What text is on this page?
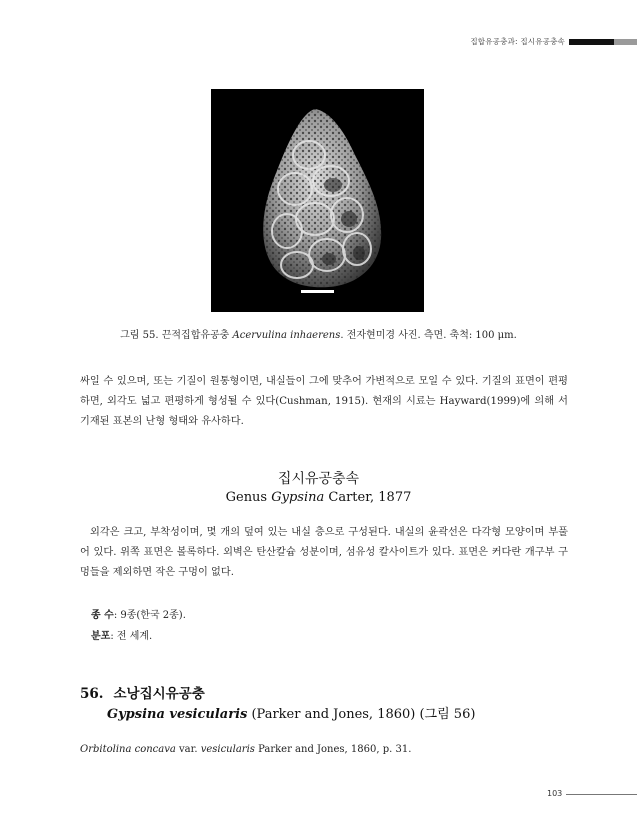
집합유공충과: 집시유공충속
그림 55. 끈적집합유공충 Acervulina inhaerens. 전자현미경 사진. 측면. 축척: 100 μm.

싸일 수 있으며, 또는 기질이 원통형이면, 내실들이 그에 맞추어 가변적으로 모일 수 있다. 기질의 표면이 편평하면, 외각도 넓고 편평하게 형성될 수 있다(Cushman, 1915). 현재의 시료는 Hayward(1999)에 의해 서 기재된 표본의 난형 형태와 유사하다.

집시유공충속
Genus Gypsina Carter, 1877

외각은 크고, 부착성이며, 몇 개의 덮여 있는 내실 층으로 구성된다. 내실의 윤곽선은 다각형 모양이며 부풀어 있다. 위쪽 표면은 볼록하다. 외벽은 탄산칼슘 성분이며, 섬유성 칼사이트가 있다. 표면은 커다란 개구부 구멍들을 제외하면 작은 구멍이 없다.

종 수: 9종(한국 2종).
분포: 전 세계.
56. 소낭집시유공충
Gypsina vesicularis (Parker and Jones, 1860) (그림 56)
Orbitolina concava var. vesicularis Parker and Jones, 1860, p. 31.
103
